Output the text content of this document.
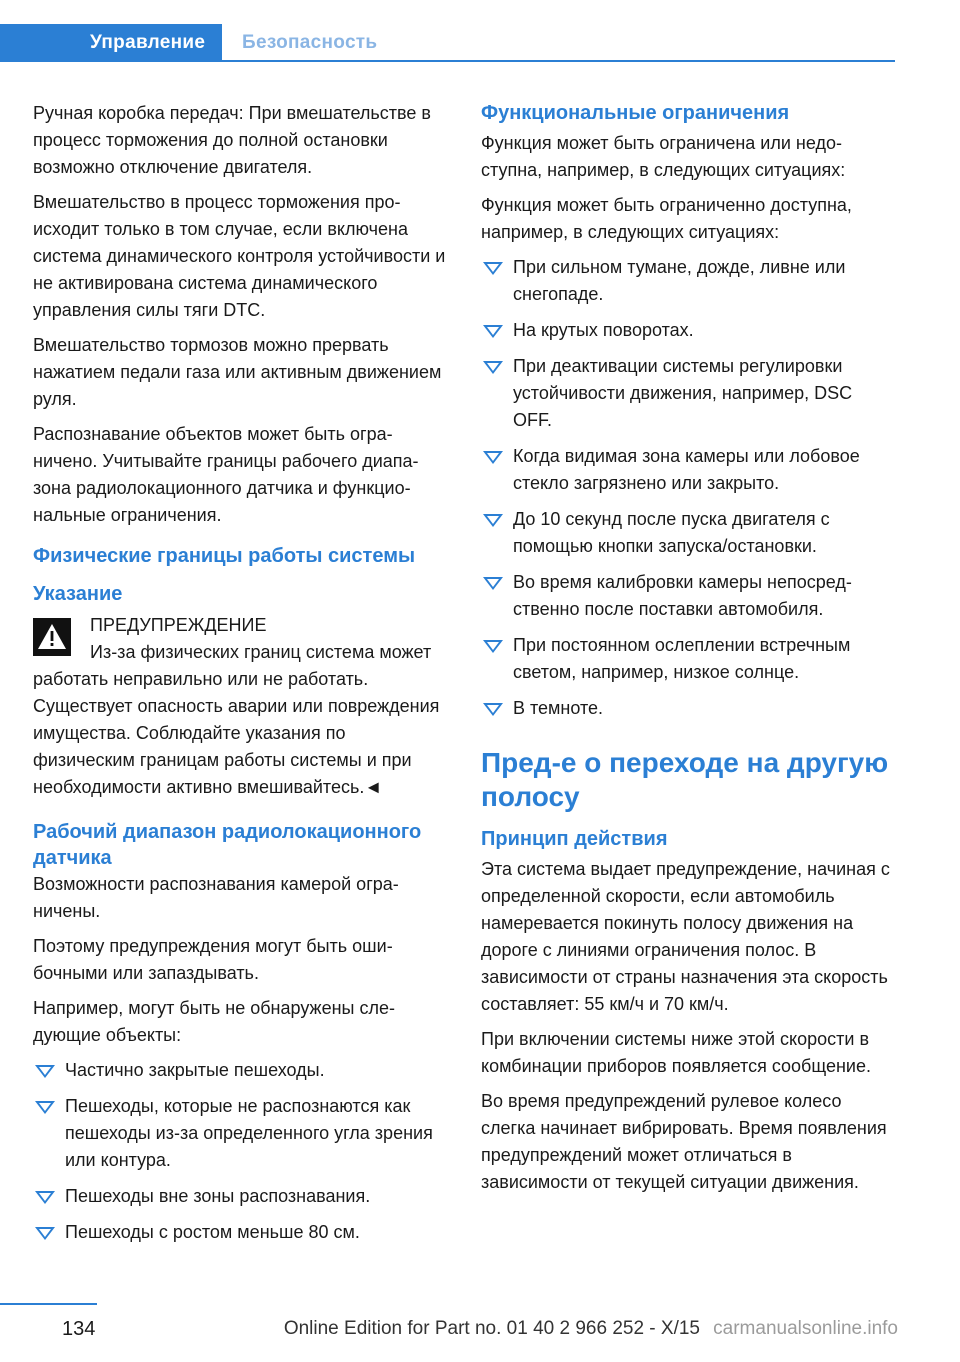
Управление Безопасность

Ручная коробка передач: При вмешательстве в процесс торможения до полной остановки возможно отключение двигателя.

Вмешательство в процесс торможения происходит только в том случае, если включена система динамического контроля устойчивости и не активирована система динамического управления силы тяги DTC.

Вмешательство тормозов можно прервать нажатием педали газа или активным движением руля.

Распознавание объектов может быть ограничено. Учитывайте границы рабочего диапазона радиолокационного датчика и функциональные ограничения.

Физические границы работы системы
Указание
ПРЕДУПРЕЖДЕНИЕ

Из-за физических границ система может работать неправильно или не работать. Существует опасность аварии или повреждения имущества. Соблюдайте указания по физическим границам работы системы и при необходимости активно вмешивайтесь.◄

Рабочий диапазон радиолокационного датчика

Возможности распознавания камерой ограничены.

Поэтому предупреждения могут быть ошибочными или запаздывать.

Например, могут быть не обнаружены следующие объекты:

Частично закрытые пешеходы.
Пешеходы, которые не распознаются как пешеходы из-за определенного угла зрения или контура.
Пешеходы вне зоны распознавания.
Пешеходы с ростом меньше 80 см.
Функциональные ограничения

Функция может быть ограничена или недоступна, например, в следующих ситуациях:

Функция может быть ограниченно доступна, например, в следующих ситуациях:

При сильном тумане, дожде, ливне или снегопаде.
На крутых поворотах.
При деактивации системы регулировки устойчивости движения, например, DSC OFF.
Когда видимая зона камеры или лобовое стекло загрязнено или закрыто.
До 10 секунд после пуска двигателя с помощью кнопки запуска/остановки.
Во время калибровки камеры непосредственно после поставки автомобиля.
При постоянном ослеплении встречным светом, например, низкое солнце.
В темноте.
Пред-е о переходе на другую полосу
Принцип действия

Эта система выдает предупреждение, начиная с определенной скорости, если автомобиль намеревается покинуть полосу движения на дороге с линиями ограничения полос. В зависимости от страны назначения эта скорость составляет: 55 км/ч и 70 км/ч.

При включении системы ниже этой скорости в комбинации приборов появляется сообщение.

Во время предупреждений рулевое колесо слегка начинает вибрировать. Время появления предупреждений может отличаться в зависимости от текущей ситуации движения.

134	Online Edition for Part no. 01 40 2 966 252 - X/15 carmanualsonline.info
